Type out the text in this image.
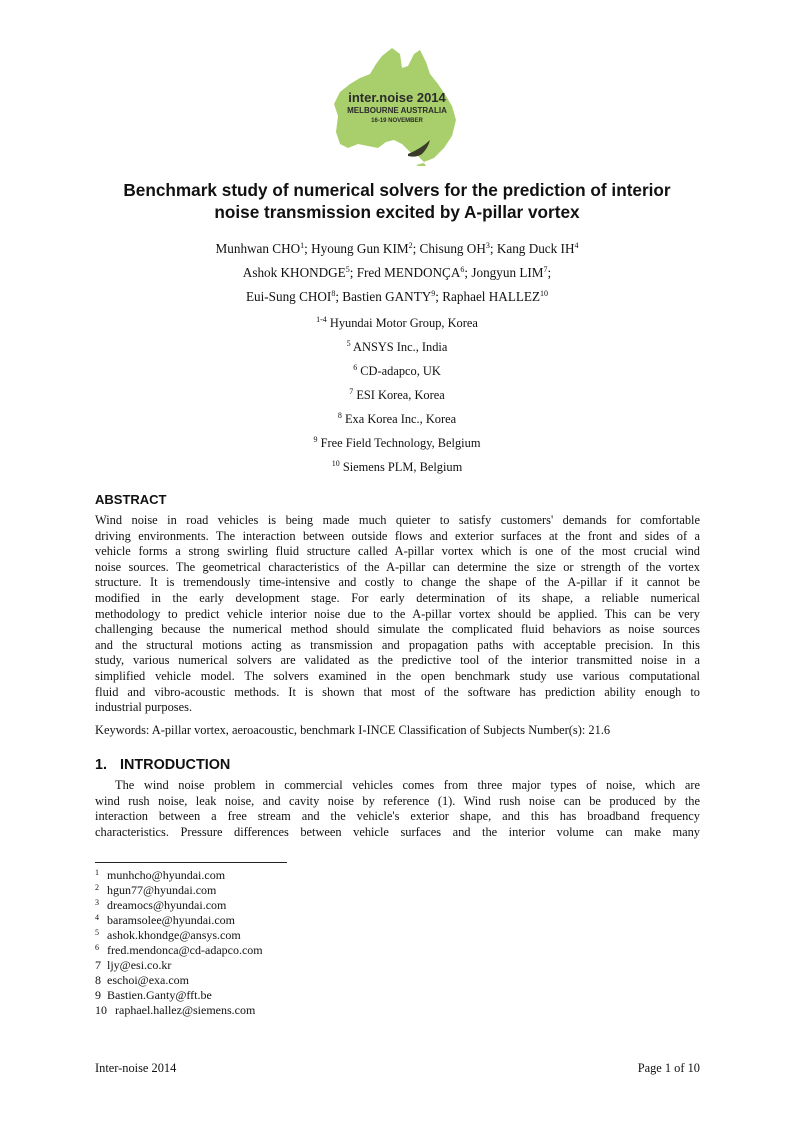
inter.noise 2014
MELBOURNE AUSTRALIA
16-19 NOVEMBER
Benchmark study of numerical solvers for the prediction of interior
noise transmission excited by A-pillar vortex
Munhwan CHO$^1$; Hyoung Gun KIM$^2$; Chisung $OH^3$; Kang Duck $IH^4$
Ashok KHONDGE$^5$; Fred MENDONÇA$^6$; Jongyun LIM$^7$;
Eui-Sung CHOI$^8$; Bastien GANTY$^9$; Raphael HALLEZ$^{10}$
$^{1-4}$ Hyundai Motor Group, Korea
$^5$ ANSYS Inc., India
$^6$ CD-adapco, UK
$^7$ ESI Korea, Korea
$^8$ Exa Korea Inc., Korea
$^9$ Free Field Technology, Belgium
$^{10}$ Siemens PLM, Belgium
ABSTRACT
Wind noise in road vehicles is being made much quieter to satisfy customers' demands for comfortable
driving environments. The interaction between outside flows and exterior surfaces at the front and sides of a
vehicle forms a strong swirling fluid structure called A-pillar vortex which is one of the most crucial wind
noise sources. The geometrical characteristics of the A-pillar can determine the size or strength of the vortex
structure. It is tremendously time-intensive and costly to change the shape of the A-pillar if it cannot be
modified in the early development stage. For early determination of its shape, a reliable numerical
methodology to predict vehicle interior noise due to the A-pillar vortex should be applied. This can be very
challenging because the numerical method should simulate the complicated fluid behaviors as noise sources
and the structural motions acting as transmission and propagation paths with acceptable precision. In this
study, various numerical solvers are validated as the predictive tool of the interior transmitted noise in a
simplified vehicle model. The solvers examined in the open benchmark study use various computational
fluid and vibro-acoustic methods. It is shown that most of the software has prediction ability enough to
industrial purposes.
Keywords: A-pillar vortex, aeroacoustic, benchmark I-INCE Classification of Subjects Number(s): 21.6
1. INTRODUCTION
The wind noise problem in commercial vehicles comes from three major types of noise, which are
wind rush noise, leak noise, and cavity noise by reference (1). Wind rush noise can be produced by the
interaction between a free stream and the vehicle's exterior shape, and this has broadband frequency
characteristics. Pressure differences between vehicle surfaces and the interior volume can make many
1 munhcho@hyundai.com
2 hgun77@hyundai.com
3 dreamocs@hyundai.com
4 baramsolee@hyundai.com
5 ashok.khondge@ansys.com
6 fred.mendonca@cd-adapco.com
7 ljy@esi.co.kr
8 eschoi@exa.com
9 Bastien.Ganty@fft.be
10 raphael.hallez@siemens.com
Inter-noise 2014	Page 1 of 10
